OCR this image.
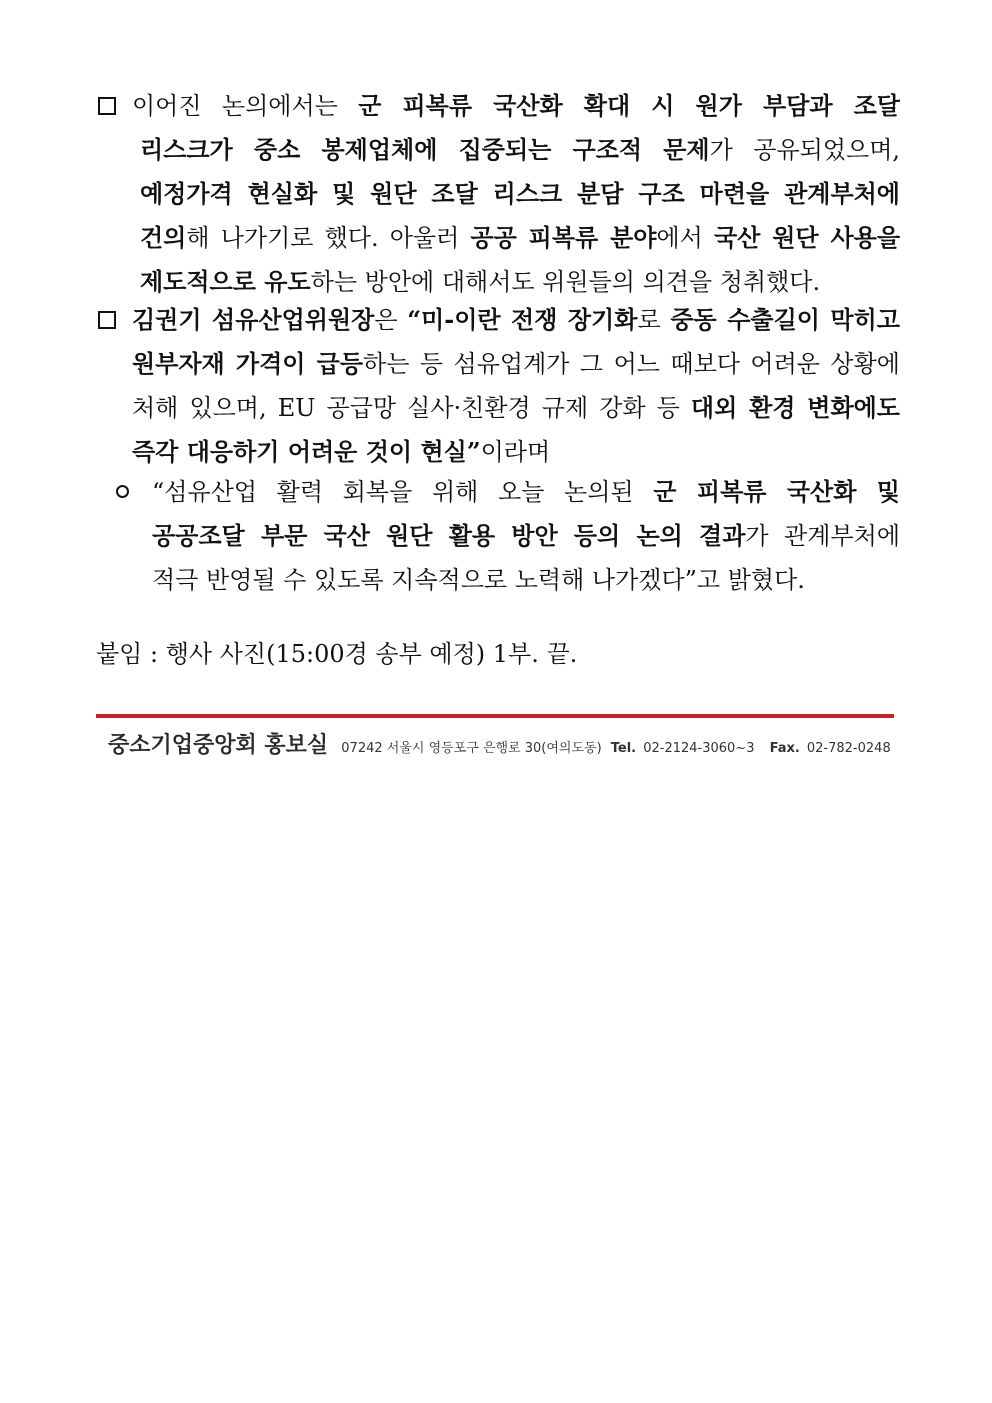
이어진 논의에서는 군 피복류 국산화 확대 시 원가 부담과 조달
리스크가 중소 봉제업체에 집중되는 구조적 문제가 공유되었으며,
예정가격 현실화 및 원단 조달 리스크 분담 구조 마련을 관계부처에
건의해 나가기로 했다. 아울러 공공 피복류 분야에서 국산 원단 사용을
제도적으로 유도하는 방안에 대해서도 위원들의 의견을 청취했다.
김권기 섬유산업위원장은 “미-이란 전쟁 장기화로 중동 수출길이 막히고
원부자재 가격이 급등하는 등 섬유업계가 그 어느 때보다 어려운 상황에
처해 있으며, EU 공급망 실사·친환경 규제 강화 등 대외 환경 변화에도
즉각 대응하기 어려운 것이 현실”이라며
“섬유산업 활력 회복을 위해 오늘 논의된 군 피복류 국산화 및
공공조달 부문 국산 원단 활용 방안 등의 논의 결과가 관계부처에
적극 반영될 수 있도록 지속적으로 노력해 나가겠다”고 밝혔다.
붙임 : 행사 사진(15:00경 송부 예정) 1부. 끝.
중소기업중앙회 홍보실 07242 서울시 영등포구 은행로 30(여의도동) Tel. 02-2124-3060~3 Fax. 02-782-0248
